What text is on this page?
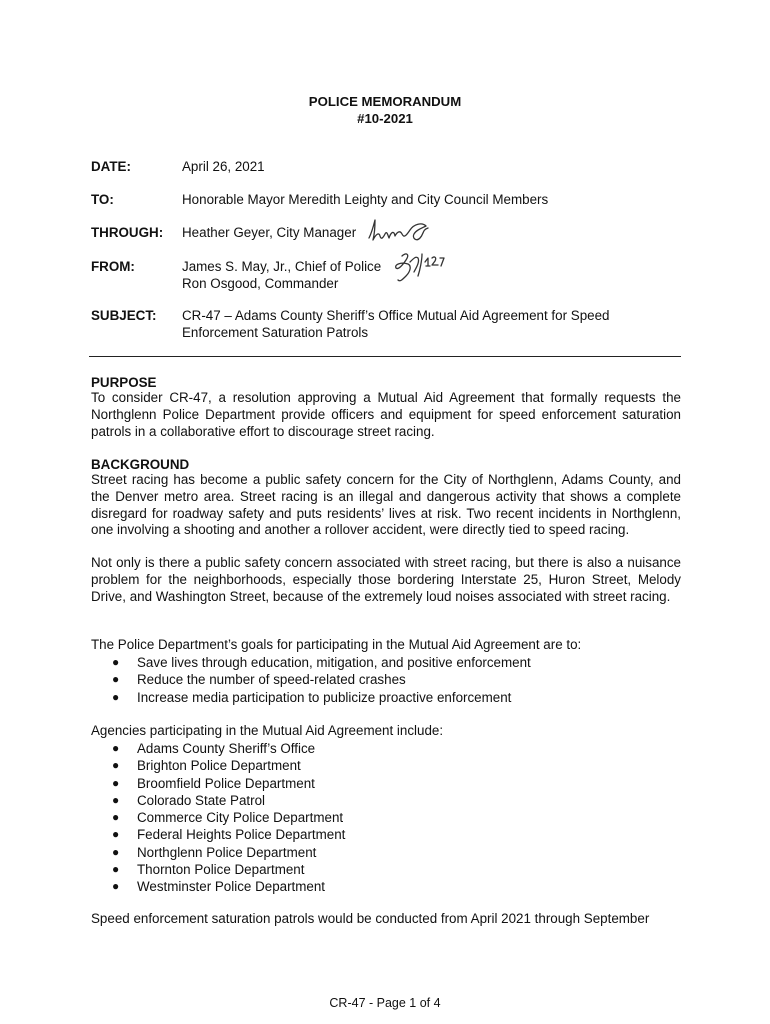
POLICE MEMORANDUM

#10-2021

DATE:	April 26, 2021

TO:	Honorable Mayor Meredith Leighty and City Council Members

THROUGH: Heather Geyer, City Manager

FROM:	James S. May, Jr., Chief of Police

Ron Osgood, Commander

SUBJECT: CR-47 – Adams County Sheriff’s Office Mutual Aid Agreement for Speed

Enforcement Saturation Patrols

PURPOSE

To consider CR-47, a resolution approving a Mutual Aid Agreement that formally requests the Northglenn Police Department provide officers and equipment for speed enforcement saturation patrols in a collaborative effort to discourage street racing.

BACKGROUND

Street racing has become a public safety concern for the City of Northglenn, Adams County, and the Denver metro area. Street racing is an illegal and dangerous activity that shows a complete disregard for roadway safety and puts residents’ lives at risk. Two recent incidents in Northglenn, one involving a shooting and another a rollover accident, were directly tied to speed racing.

Not only is there a public safety concern associated with street racing, but there is also a nuisance problem for the neighborhoods, especially those bordering Interstate 25, Huron Street, Melody Drive, and Washington Street, because of the extremely loud noises associated with street racing.

The Police Department’s goals for participating in the Mutual Aid Agreement are to:

● Save lives through education, mitigation, and positive enforcement
● Reduce the number of speed-related crashes
● Increase media participation to publicize proactive enforcement

Agencies participating in the Mutual Aid Agreement include:

● Adams County Sheriff’s Office
● Brighton Police Department
● Broomfield Police Department
● Colorado State Patrol
● Commerce City Police Department
● Federal Heights Police Department
● Northglenn Police Department
● Thornton Police Department
● Westminster Police Department

Speed enforcement saturation patrols would be conducted from April 2021 through September

CR-47 - Page 1 of 4
